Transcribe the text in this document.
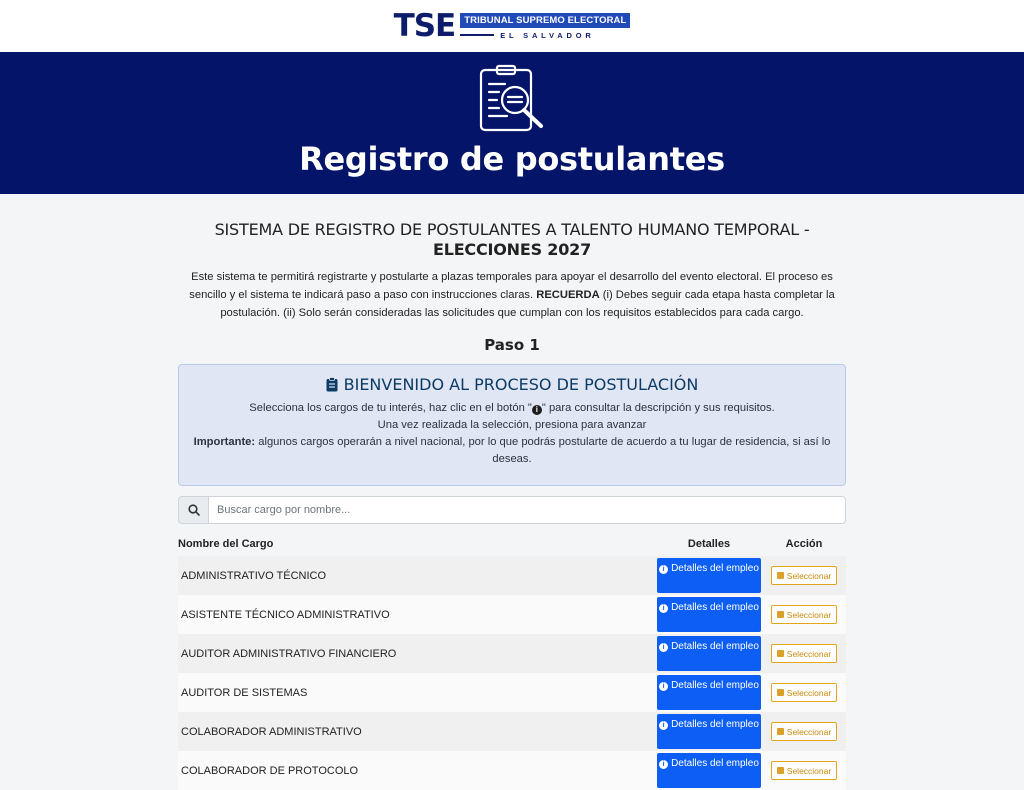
TSE TRIBUNAL SUPREMO ELECTORAL
EL SALVADOR
Registro de postulantes
SISTEMA DE REGISTRO DE POSTULANTES A TALENTO HUMANO TEMPORAL -
ELECCIONES 2027

Este sistema te permitirá registrarte y postularte a plazas temporales para apoyar el desarrollo del evento electoral. El proceso es sencillo y el sistema te indicará paso a paso con instrucciones claras. RECUERDA (i) Debes seguir cada etapa hasta completar la postulación. (ii) Solo serán consideradas las solicitudes que cumplan con los requisitos establecidos para cada cargo.

Paso 1
BIENVENIDO AL PROCESO DE POSTULACIÓN

Selecciona los cargos de tu interés, haz clic en el botón " i " para consultar la descripción y sus requisitos.

Una vez realizada la selección, presiona para avanzar

Importante: algunos cargos operarán a nivel nacional, por lo que podrás postularte de acuerdo a tu lugar de residencia, si así lo deseas.

Buscar cargo por nombre...
Nombre del Cargo	Detalles	Acción
ADMINISTRATIVO TÉCNICO	i Detalles del empleo	Seleccionar

ASISTENTE TÉCNICO ADMINISTRATIVO	i Detalles del empleo	Seleccionar

AUDITOR ADMINISTRATIVO FINANCIERO	i Detalles del empleo	Seleccionar

AUDITOR DE SISTEMAS	i Detalles del empleo	Seleccionar

COLABORADOR ADMINISTRATIVO	i Detalles del empleo	Seleccionar

COLABORADOR DE PROTOCOLO	i Detalles del empleo	Seleccionar
